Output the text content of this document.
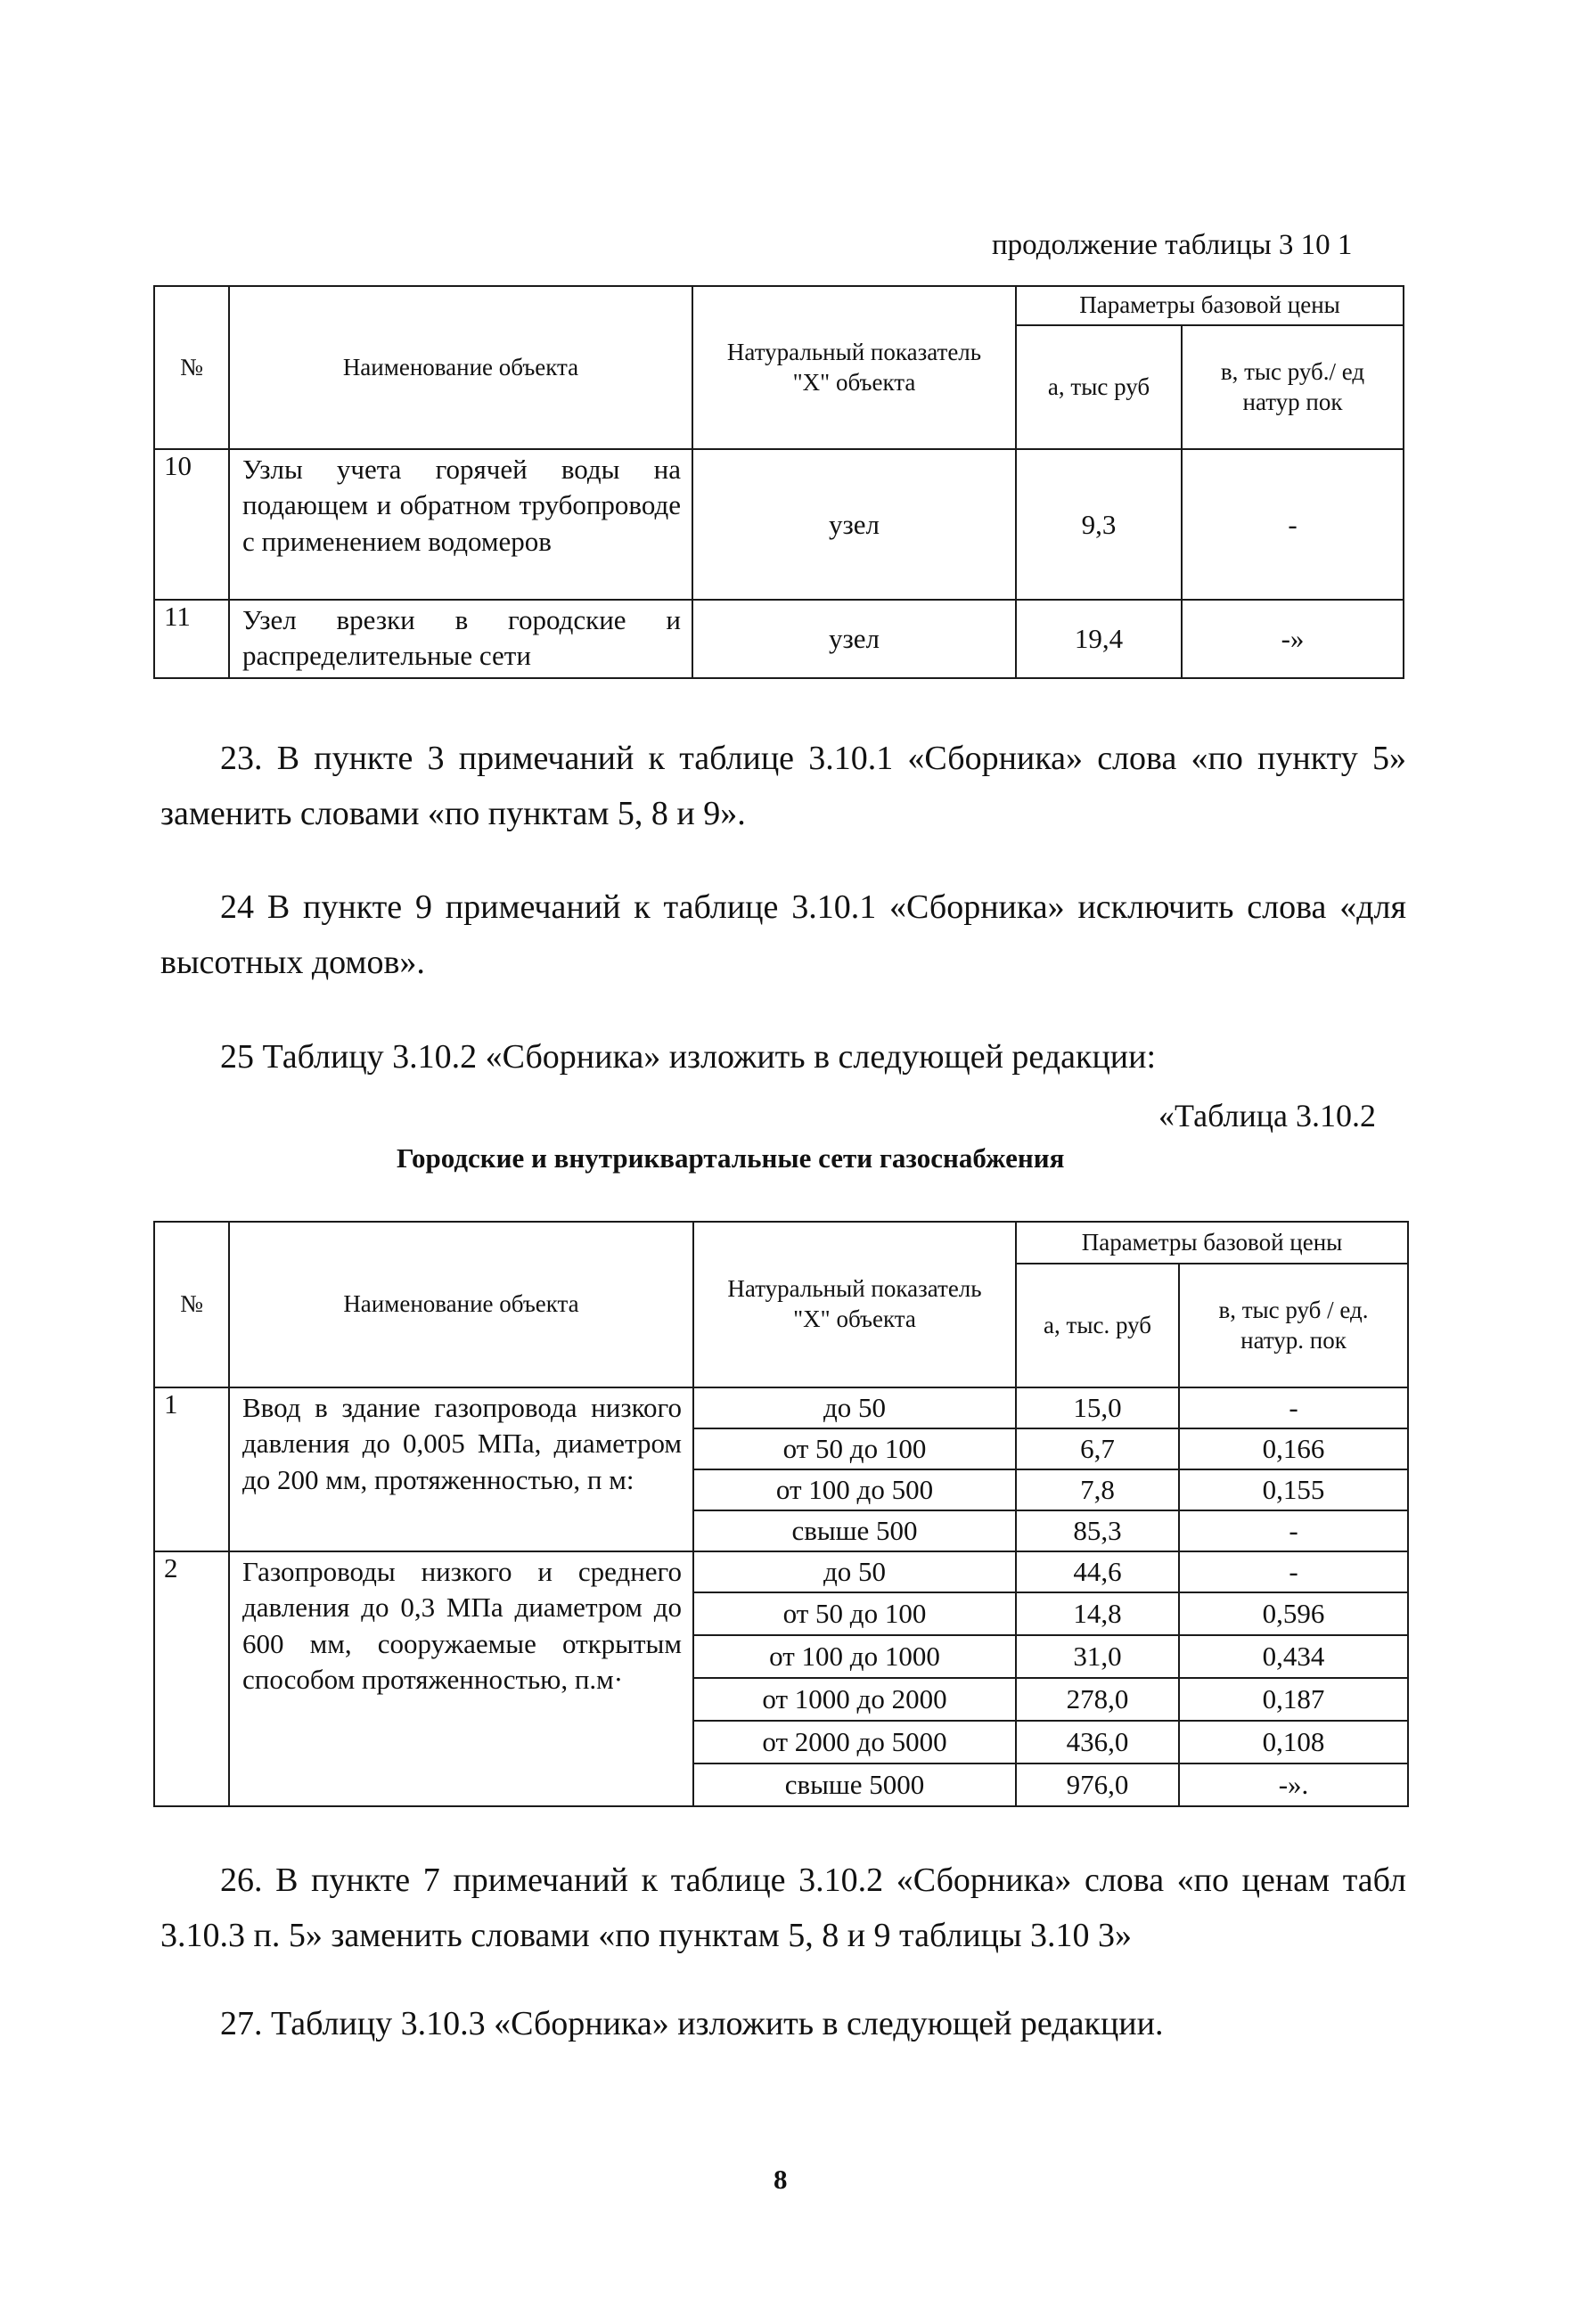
продолжение таблицы 3 10 1
№	Наименование объекта	Натуральный показатель "X" объекта	Параметры базовой цены	
			а, тыс руб	в, тыс руб./ ед натур пок
10	Узлы учета горячей воды на подающем и обратном трубопроводе с применением водомеров	узел	9,3	-
11	Узел врезки в городские и распределительные сети	узел	19,4	-»
23. В пункте 3 примечаний к таблице 3.10.1 «Сборника» слова «по пункту 5» заменить словами «по пунктам 5, 8 и 9».
24 В пункте 9 примечаний к таблице 3.10.1 «Сборника» исключить слова «для высотных домов».
25 Таблицу 3.10.2 «Сборника» изложить в следующей редакции:
«Таблица 3.10.2
Городские и внутриквартальные сети газоснабжения
№	Наименование объекта	Натуральный показатель "X" объекта	Параметры базовой цены	
			а, тыс. руб	в, тыс руб / ед. натур. пок
1	Ввод в здание газопровода низкого давления до 0,005 МПа, диаметром до 200 мм, протяженностью, п м:	до 50	15,0	-
		от 50 до 100	6,7	0,166
		от 100 до 500	7,8	0,155
		свыше 500	85,3	-
2	Газопроводы низкого и среднего давления до 0,3 МПа диаметром до 600 мм, сооружаемые открытым способом протяженностью, п.м·	до 50	44,6	-
		от 50 до 100	14,8	0,596
		от 100 до 1000	31,0	0,434
		от 1000 до 2000	278,0	0,187
		от 2000 до 5000	436,0	0,108
		свыше 5000	976,0	-».
26. В пункте 7 примечаний к таблице 3.10.2 «Сборника» слова «по ценам табл 3.10.3 п. 5» заменить словами «по пунктам 5, 8 и 9 таблицы 3.10 3»
27. Таблицу 3.10.3 «Сборника» изложить в следующей редакции.
8
